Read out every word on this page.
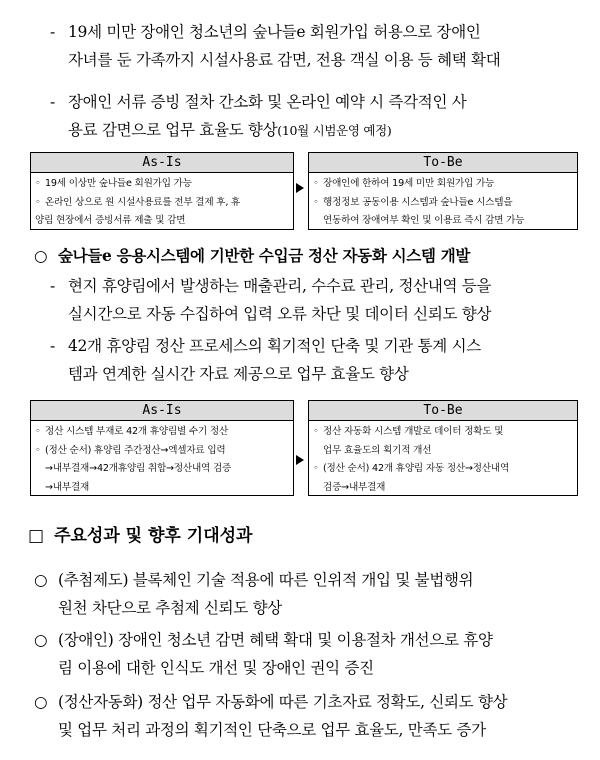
- 19세 미만 장애인 청소년의 숲나들e 회원가입 허용으로 장애인
자녀를 둔 가족까지 시설사용료 감면, 전용 객실 이용 등 혜택 확대
- 장애인 서류 증빙 절차 간소화 및 온라인 예약 시 즉각적인 사
용료 감면으로 업무 효율도 향상(10월 시범운영 예정)
As-Is
◦ 19세 이상만 숲나들e 회원가입 가능
◦ 온라인 상으로 원 시설사용료를 전부 결제 후, 휴
양림 현장에서 증빙서류 제출 및 감면
To-Be
◦ 장애인에 한하여 19세 미만 회원가입 가능
◦ 행정정보 공동이용 시스템과 숲나들e 시스템을
연동하여 장애여부 확인 및 이용료 즉시 감면 가능
○ 숲나들e 응용시스템에 기반한 수입금 정산 자동화 시스템 개발
- 현지 휴양림에서 발생하는 매출관리, 수수료 관리, 정산내역 등을
실시간으로 자동 수집하여 입력 오류 차단 및 데이터 신뢰도 향상
- 42개 휴양림 정산 프로세스의 획기적인 단축 및 기관 통계 시스
템과 연계한 실시간 자료 제공으로 업무 효율도 향상
As-Is
◦ 정산 시스템 부재로 42개 휴양림별 수기 정산
◦ (정산 순서) 휴양림 주간정산→엑셀자료 입력
→내부결재→42개휴양림 취합→정산내역 검증
→내부결재
To-Be
◦ 정산 자동화 시스템 개발로 데이터 정확도 및
업무 효율도의 획기적 개선
◦ (정산 순서) 42개 휴양림 자동 정산→정산내역
검증→내부결재
□ 주요성과 및 향후 기대성과
○ (추첨제도) 블록체인 기술 적용에 따른 인위적 개입 및 불법행위
원천 차단으로 추첨제 신뢰도 향상
○ (장애인) 장애인 청소년 감면 혜택 확대 및 이용절차 개선으로 휴양
림 이용에 대한 인식도 개선 및 장애인 권익 증진
○ (정산자동화) 정산 업무 자동화에 따른 기초자료 정확도, 신뢰도 향상
및 업무 처리 과정의 획기적인 단축으로 업무 효율도, 만족도 증가
